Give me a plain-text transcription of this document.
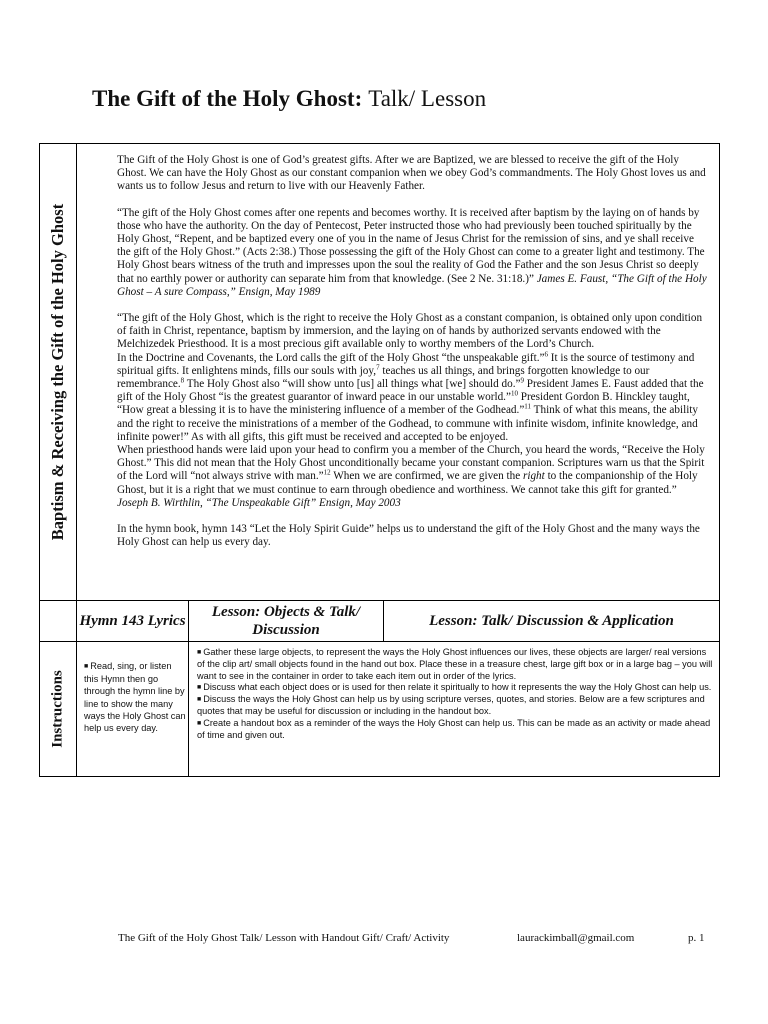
The Gift of the Holy Ghost: Talk/ Lesson
Baptism & Receiving the Gift of the Holy Ghost

The Gift of the Holy Ghost is one of God’s greatest gifts. After we are Baptized, we are blessed to receive the gift of the Holy Ghost. We can have the Holy Ghost as our constant companion when we obey God’s commandments. The Holy Ghost loves us and wants us to follow Jesus and return to live with our Heavenly Father.

“The gift of the Holy Ghost comes after one repents and becomes worthy. It is received after baptism by the laying on of hands by those who have the authority. On the day of Pentecost, Peter instructed those who had previously been touched spiritually by the Holy Ghost, “Repent, and be baptized every one of you in the name of Jesus Christ for the remission of sins, and ye shall receive the gift of the Holy Ghost.” (Acts 2:38.) Those possessing the gift of the Holy Ghost can come to a greater light and testimony. The Holy Ghost bears witness of the truth and impresses upon the soul the reality of God the Father and the son Jesus Christ so deeply that no earthly power or authority can separate him from that knowledge. (See 2 Ne. 31:18.)” James E. Faust, “The Gift of the Holy Ghost – A sure Compass,” Ensign, May 1989

“The gift of the Holy Ghost, which is the right to receive the Holy Ghost as a constant companion, is obtained only upon condition of faith in Christ, repentance, baptism by immersion, and the laying on of hands by authorized servants endowed with the Melchizedek Priesthood. It is a most precious gift available only to worthy members of the Lord’s Church.
In the Doctrine and Covenants, the Lord calls the gift of the Holy Ghost “the unspeakable gift.”$^6$ It is the source of testimony and spiritual gifts. It enlightens minds, fills our souls with joy,$^7$ teaches us all things, and brings forgotten knowledge to our remembrance.$^8$ The Holy Ghost also “will show unto [us] all things what [we] should do.”$^9$ President James E. Faust added that the gift of the Holy Ghost “is the greatest guarantor of inward peace in our unstable world.”$^{10}$ President Gordon B. Hinckley taught, “How great a blessing it is to have the ministering influence of a member of the Godhead.”$^{11}$ Think of what this means, the ability and the right to receive the ministrations of a member of the Godhead, to commune with infinite wisdom, infinite knowledge, and infinite power!” As with all gifts, this gift must be received and accepted to be enjoyed.
When priesthood hands were laid upon your head to confirm you a member of the Church, you heard the words, “Receive the Holy Ghost.” This did not mean that the Holy Ghost unconditionally became your constant companion. Scriptures warn us that the Spirit of the Lord will “not always strive with man.”$^{12}$ When we are confirmed, we are given the right to the companionship of the Holy Ghost, but it is a right that we must continue to earn through obedience and worthiness. We cannot take this gift for granted.” Joseph B. Wirthlin, “The Unspeakable Gift” Ensign, May 2003

In the hymn book, hymn 143 “Let the Holy Spirit Guide” helps us to understand the gift of the Holy Ghost and the many ways the Holy Ghost can help us every day.

Hymn 143 Lyrics
Lesson: Objects & Talk/ Discussion
Lesson: Talk/ Discussion & Application
Instructions
■ Read, sing, or listen this Hymn then go through the hymn line by line to show the many ways the Holy Ghost can help us every day.

■ Gather these large objects, to represent the ways the Holy Ghost influences our lives, these objects are larger/ real versions of the clip art/ small objects found in the hand out box. Place these in a treasure chest, large gift box or in a large bag – you will want to see in the container in order to take each item out in order of the lyrics.

■ Discuss what each object does or is used for then relate it spiritually to how it represents the way the Holy Ghost can help us.

■ Discuss the ways the Holy Ghost can help us by using scripture verses, quotes, and stories. Below are a few scriptures and quotes that may be useful for discussion or including in the handout box.

■ Create a handout box as a reminder of the ways the Holy Ghost can help us. This can be made as an activity or made ahead of time and given out.

The Gift of the Holy Ghost Talk/ Lesson with Handout Gift/ Craft/ Activity	laurackimball@gmail.com	p. 1
